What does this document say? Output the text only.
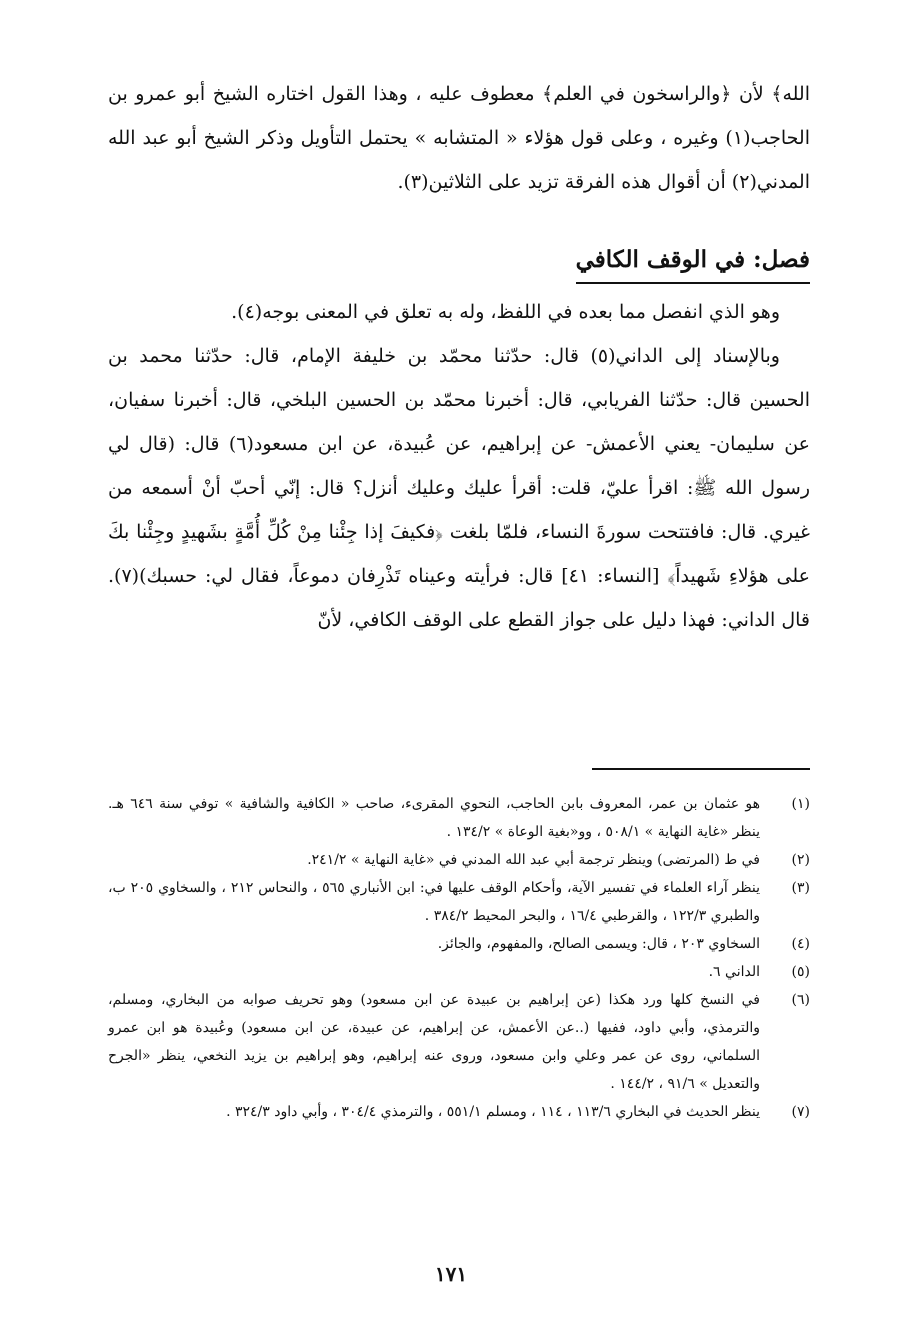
الله﴾ لأن ﴿والراسخون في العلم﴾ معطوف عليه ، وهذا القول اختاره الشيخ أبو عمرو بن الحاجب(١) وغيره ، وعلى قول هؤلاء « المتشابه » يحتمل التأويل وذكر الشيخ أبو عبد الله المدني(٢) أن أقوال هذه الفرقة تزيد على الثلاثين(٣).

فصل: في الوقف الكافي

وهو الذي انفصل مما بعده في اللفظ، وله به تعلق في المعنى بوجه(٤).

وبالإسناد إلى الداني(٥) قال: حدّثنا محمّد بن خليفة الإمام، قال: حدّثنا محمد بن الحسين قال: حدّثنا الفريابي، قال: أخبرنا محمّد بن الحسين البلخي، قال: أخبرنا سفيان، عن سليمان- يعني الأعمش- عن إبراهيم، عن عُبيدة، عن ابن مسعود(٦) قال: (قال لي رسول الله ﷺ: اقرأ عليّ، قلت: أقرأ عليك وعليك أنزل؟ قال: إنّي أحبّ أنْ أسمعه من غيري. قال: فافتتحت سورةَ النساء، فلمّا بلغت ﴿فكيفَ إذا جِئْنا مِنْ كُلِّ أُمَّةٍ بشَهيدٍ وجِئْنا بكَ على هؤلاءِ شَهيداً﴾ [النساء: ٤١] قال: فرأيته وعيناه تَذْرِفان دموعاً، فقال لي: حسبك)(٧). قال الداني: فهذا دليل على جواز القطع على الوقف الكافي، لأنّ

(١)
هو عثمان بن عمر، المعروف بابن الحاجب، النحوي المقرىء، صاحب « الكافية والشافية » توفي سنة ٦٤٦ هـ. ينظر «غاية النهاية » ٥٠٨/١ ، وو«بغية الوعاة » ١٣٤/٢ .
(٢)
في ط (المرتضى) وينظر ترجمة أبي عبد الله المدني في «غاية النهاية » ٢٤١/٢.
(٣)
ينظر آراء العلماء في تفسير الآية، وأحكام الوقف عليها في: ابن الأنباري ٥٦٥ ، والنحاس ٢١٢ ، والسخاوي ٢٠٥ ب، والطبري ١٢٢/٣ ، والقرطبي ١٦/٤ ، والبحر المحيط ٣٨٤/٢ .
(٤)
السخاوي ٢٠٣ ، قال: ويسمى الصالح، والمفهوم، والجائز.
(٥)
الداني ٦.
(٦)
في النسخ كلها ورد هكذا (عن إبراهيم بن عبيدة عن ابن مسعود) وهو تحريف صوابه من البخاري، ومسلم، والترمذي، وأبي داود، ففيها (..عن الأعمش، عن إبراهيم، عن عبيدة، عن ابن مسعود) وعُبيدة هو ابن عمرو السلماني، روى عن عمر وعلي وابن مسعود، وروى عنه إبراهيم، وهو إبراهيم بن يزيد النخعي، ينظر «الجرح والتعديل » ٩١/٦ ، ١٤٤/٢ .
(٧)
ينظر الحديث في البخاري ١١٣/٦ ، ١١٤ ، ومسلم ٥٥١/١ ، والترمذي ٣٠٤/٤ ، وأبي داود ٣٢٤/٣ .
١٧١
